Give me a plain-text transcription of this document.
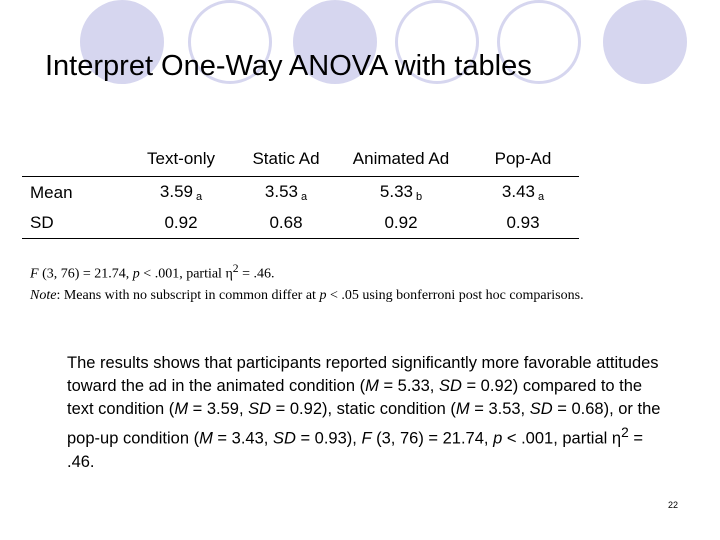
Interpret One-Way ANOVA with tables
	Text-only	Static Ad	Animated Ad	Pop-Ad
Mean	3.59 $_a$	3.53 $_a$	5.33 $_b$	3.43 $_a$
SD	0.92	0.68	0.92	0.93
F (3, 76) = 21.74, p < .001, partial $\eta^2 = .46$.
Note: Means with no subscript in common differ at p < .05 using bonferroni post hoc comparisons.
The results shows that participants reported significantly more favorable attitudes toward the ad in the animated condition (M = 5.33, SD = 0.92) compared to the text condition (M = 3.59, SD = 0.92), static condition (M = 3.53, SD = 0.68), or the pop-up condition (M = 3.43, SD = 0.93), F (3, 76) = 21.74, p < .001, partial $\eta^2 = .46$.
22
